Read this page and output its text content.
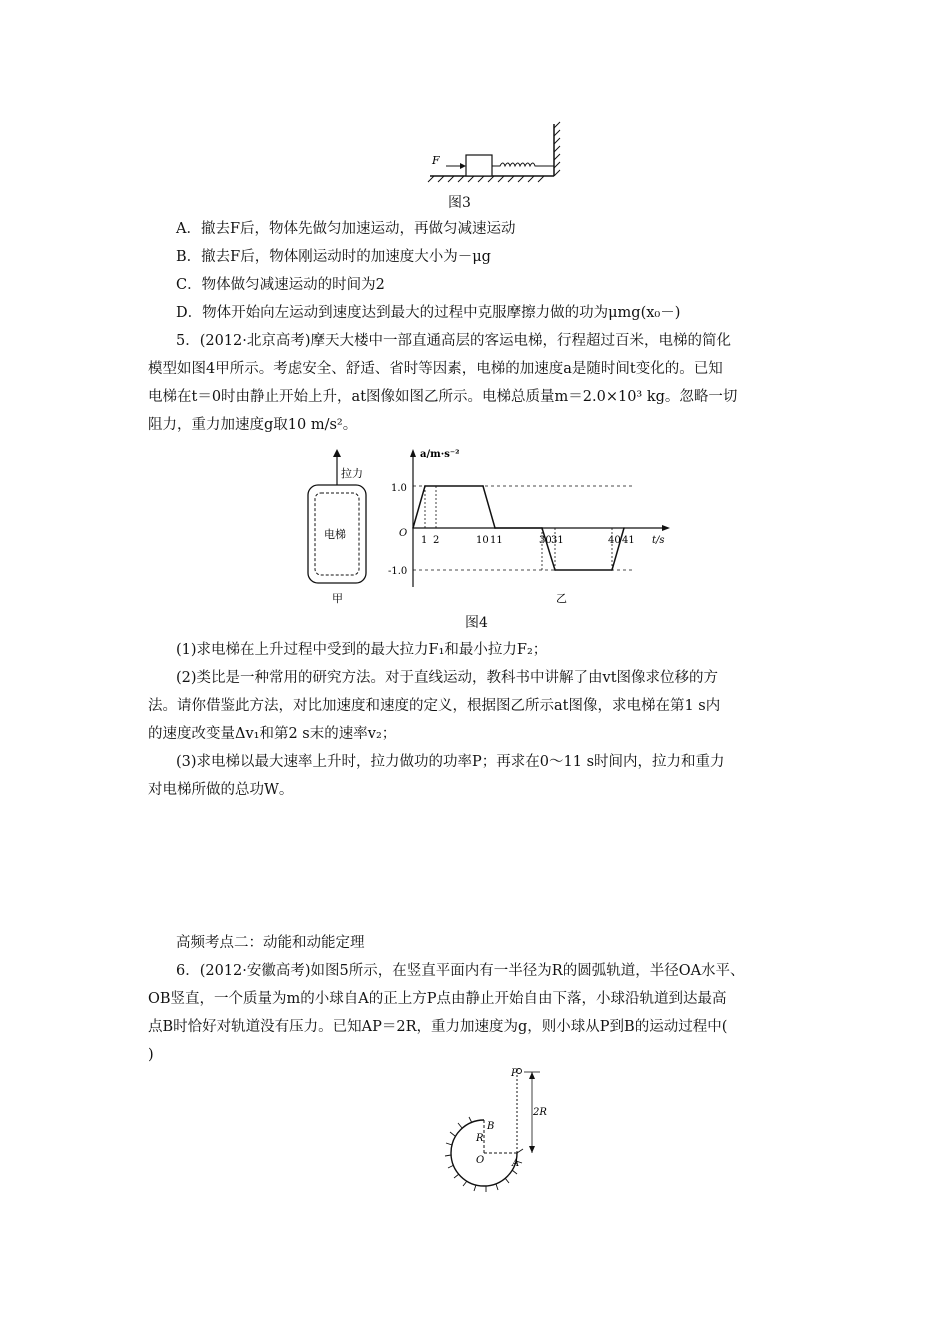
F
图3
A．撤去F后，物体先做匀加速运动，再做匀减速运动
B．撤去F后，物体刚运动时的加速度大小为－μg
C．物体做匀减速运动的时间为2
D．物体开始向左运动到速度达到最大的过程中克服摩擦力做的功为μmg(x₀－)
5．(2012·北京高考)摩天大楼中一部直通高层的客运电梯，行程超过百米，电梯的简化
模型如图4甲所示。考虑安全、舒适、省时等因素，电梯的加速度a是随时间t变化的。已知
电梯在t＝0时由静止开始上升，at图像如图乙所示。电梯总质量m＝2.0×10³ kg。忽略一切
阻力，重力加速度g取10 m/s²。
拉力
电梯
甲
a/m·s⁻²
t/s
O
1.0
-1.0
1 2	10 11	30 31	40 41
乙
图4
(1)求电梯在上升过程中受到的最大拉力F₁和最小拉力F₂；
(2)类比是一种常用的研究方法。对于直线运动，教科书中讲解了由vt图像求位移的方
法。请你借鉴此方法，对比加速度和速度的定义，根据图乙所示at图像，求电梯在第1 s内
的速度改变量Δv₁和第2 s末的速率v₂；
(3)求电梯以最大速率上升时，拉力做功的功率P；再求在0～11 s时间内，拉力和重力
对电梯所做的总功W。
高频考点二：动能和动能定理
6．(2012·安徽高考)如图5所示，在竖直平面内有一半径为R的圆弧轨道，半径OA水平、
OB竖直，一个质量为m的小球自A的正上方P点由静止开始自由下落，小球沿轨道到达最高
点B时恰好对轨道没有压力。已知AP＝2R，重力加速度为g，则小球从P到B的运动过程中(
)
P
B
R
O	A
2R
